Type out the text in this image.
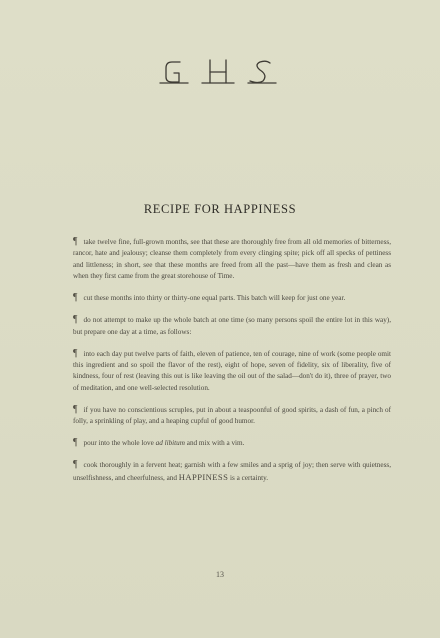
RECIPE FOR HAPPINESS

¶ take twelve fine, full-grown months, see that these are thoroughly free from all old memories of bitterness, rancor, hate and jealousy; cleanse them completely from every clinging spite; pick off all specks of pettiness and littleness; in short, see that these months are freed from all the past—have them as fresh and clean as when they first came from the great storehouse of Time.

¶ cut these months into thirty or thirty-one equal parts. This batch will keep for just one year.

¶ do not attempt to make up the whole batch at one time (so many persons spoil the entire lot in this way), but prepare one day at a time, as follows:

¶ into each day put twelve parts of faith, eleven of patience, ten of courage, nine of work (some people omit this ingredient and so spoil the flavor of the rest), eight of hope, seven of fidelity, six of liberality, five of kindness, four of rest (leaving this out is like leaving the oil out of the salad—don't do it), three of prayer, two of meditation, and one well-selected resolution.

¶ if you have no conscientious scruples, put in about a teaspoonful of good spirits, a dash of fun, a pinch of folly, a sprinkling of play, and a heaping cupful of good humor.

¶ pour into the whole love ad libitum and mix with a vim.

¶ cook thoroughly in a fervent heat; garnish with a few smiles and a sprig of joy; then serve with quietness, unselfishness, and cheerfulness, and HAPPINESS is a certainty.

13
